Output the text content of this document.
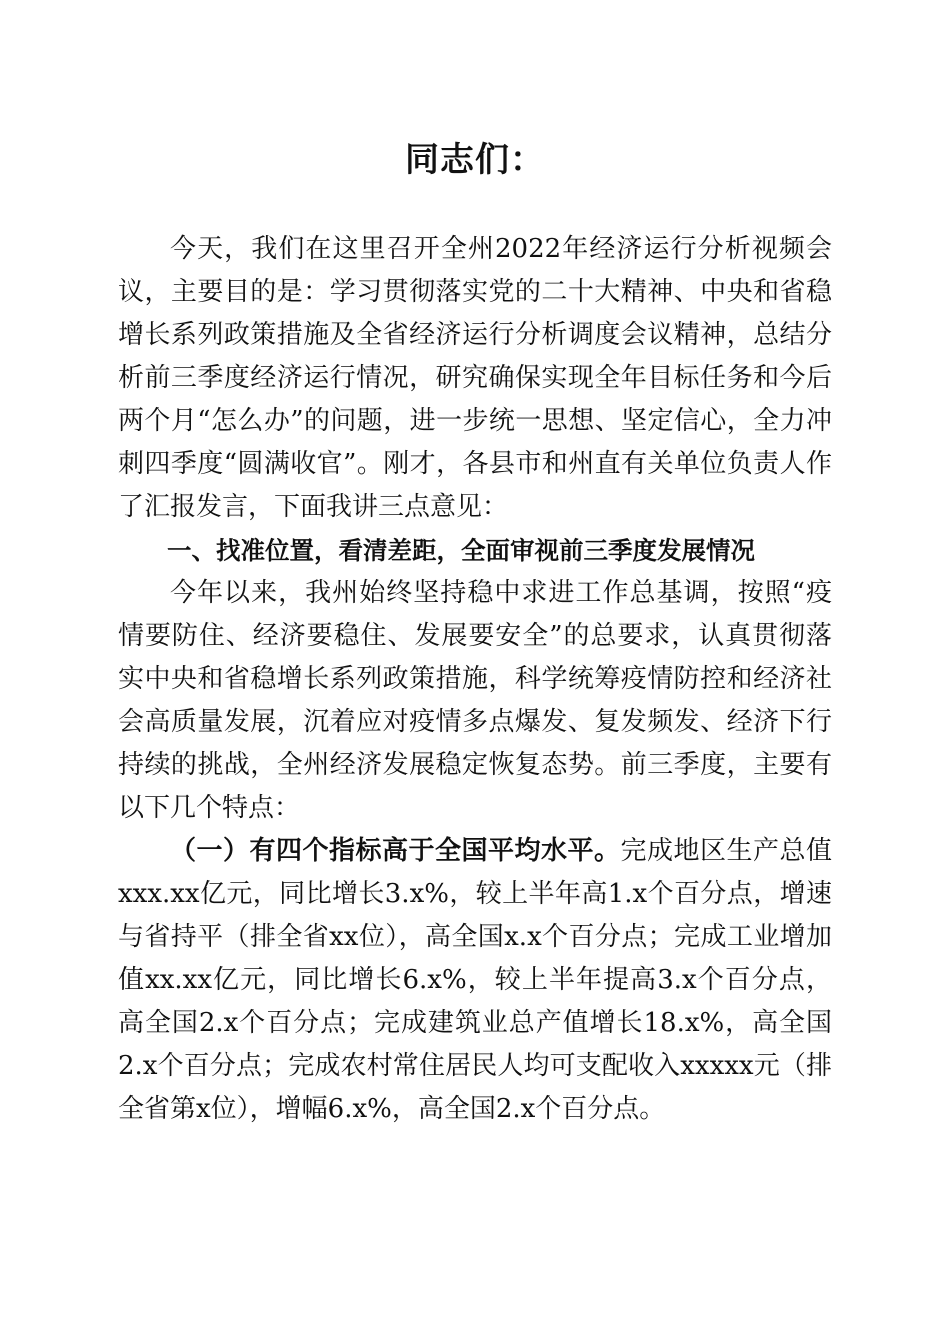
同志们：

今天，我们在这里召开全州2022年经济运行分析视频会议，主要目的是：学习贯彻落实党的二十大精神、中央和省稳增长系列政策措施及全省经济运行分析调度会议精神，总结分析前三季度经济运行情况，研究确保实现全年目标任务和今后两个月“怎么办”的问题，进一步统一思想、坚定信心，全力冲刺四季度“圆满收官”。刚才，各县市和州直有关单位负责人作了汇报发言，下面我讲三点意见：

一、找准位置，看清差距，全面审视前三季度发展情况

今年以来，我州始终坚持稳中求进工作总基调，按照“疫情要防住、经济要稳住、发展要安全”的总要求，认真贯彻落实中央和省稳增长系列政策措施，科学统筹疫情防控和经济社会高质量发展，沉着应对疫情多点爆发、复发频发、经济下行持续的挑战，全州经济发展稳定恢复态势。前三季度，主要有以下几个特点：

（一）有四个指标高于全国平均水平。完成地区生产总值xxx.xx亿元，同比增长3.x%，较上半年高1.x个百分点，增速与省持平（排全省xx位），高全国x.x个百分点；完成工业增加值xx.xx亿元，同比增长6.x%，较上半年提高3.x个百分点，高全国2.x个百分点；完成建筑业总产值增长18.x%，高全国2.x个百分点；完成农村常住居民人均可支配收入xxxxx元（排全省第x位），增幅6.x%，高全国2.x个百分点。
